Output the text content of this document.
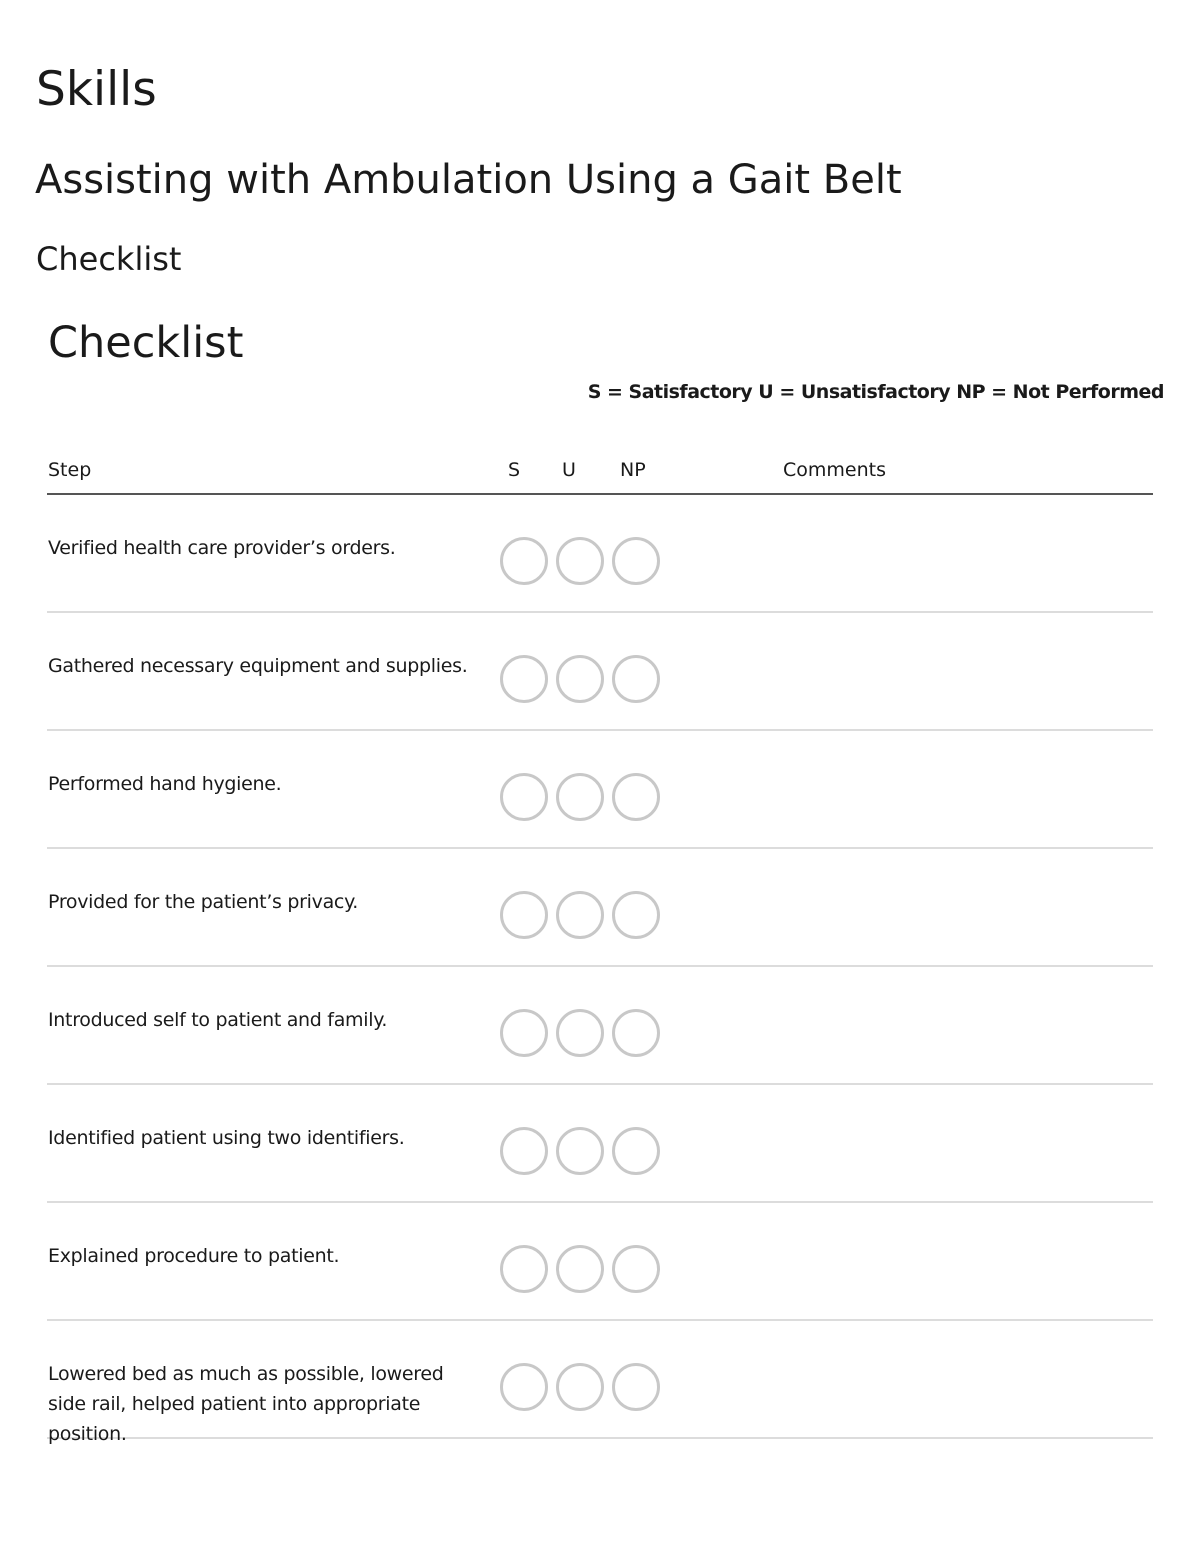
Skills
Assisting with Ambulation Using a Gait Belt
Checklist
Checklist
S = Satisfactory U = Unsatisfactory NP = Not Performed
Step	S U NP	Comments
Verified health care provider’s orders.
Gathered necessary equipment and supplies.
Performed hand hygiene.
Provided for the patient’s privacy.
Introduced self to patient and family.
Identified patient using two identifiers.
Explained procedure to patient.
Lowered bed as much as possible, lowered side rail, helped patient into appropriate position.
